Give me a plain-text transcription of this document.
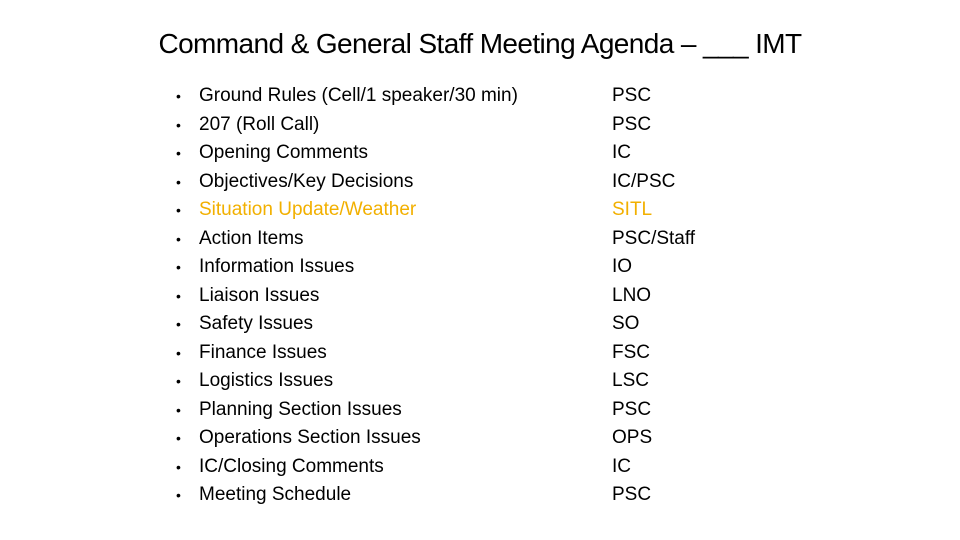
Command & General Staff Meeting Agenda – ___ IMT
• Ground Rules (Cell/1 speaker/30 min)	PSC
• 207 (Roll Call)	PSC
• Opening Comments	IC
• Objectives/Key Decisions	IC/PSC
• Situation Update/Weather	SITL
• Action Items	PSC/Staff
• Information Issues	IO
• Liaison Issues	LNO
• Safety Issues	SO
• Finance Issues	FSC
• Logistics Issues	LSC
• Planning Section Issues	PSC
• Operations Section Issues	OPS
• IC/Closing Comments	IC
• Meeting Schedule	PSC
